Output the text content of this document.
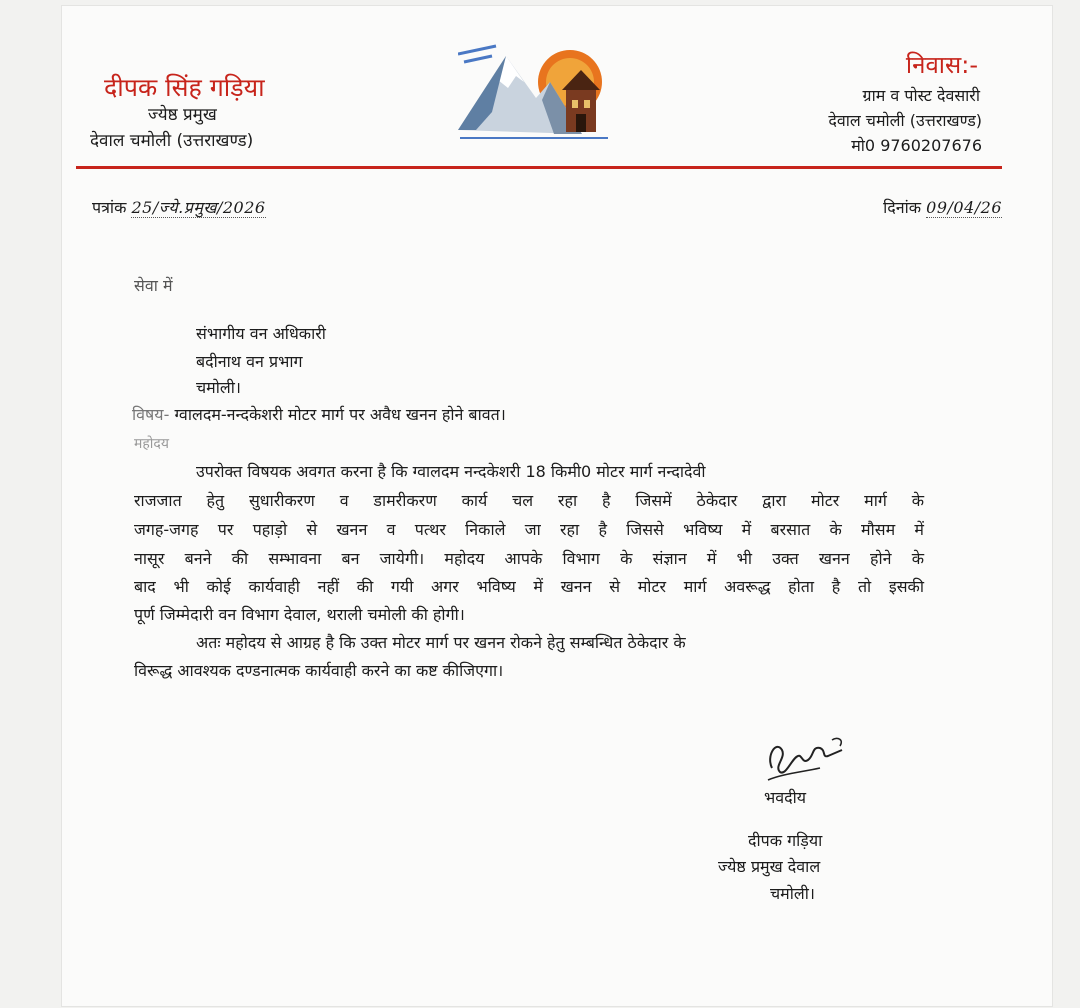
दीपक सिंह गड़िया
ज्येष्ठ प्रमुख
देवाल चमोली (उत्तराखण्ड)
निवास:-
ग्राम व पोस्ट देवसारी
देवाल चमोली (उत्तराखण्ड)
मो0 9760207676
पत्रांक 25/ज्ये.प्रमुख/2026	दिनांक 09/04/26
सेवा में
संभागीय वन अधिकारी
बदीनाथ वन प्रभाग
चमोली।
विषय- ग्वालदम-नन्दकेशरी मोटर मार्ग पर अवैध खनन होने बावत।
महोदय
उपरोक्त विषयक अवगत करना है कि ग्वालदम नन्दकेशरी 18 किमी0 मोटर मार्ग नन्दादेवी
राजजात हेतु सुधारीकरण व डामरीकरण कार्य चल रहा है जिसमें ठेकेदार द्वारा मोटर मार्ग के
जगह-जगह पर पहाड़ो से खनन व पत्थर निकाले जा रहा है जिससे भविष्य में बरसात के मौसम में
नासूर बनने की सम्भावना बन जायेगी। महोदय आपके विभाग के संज्ञान में भी उक्त खनन होने के
बाद भी कोई कार्यवाही नहीं की गयी अगर भविष्य में खनन से मोटर मार्ग अवरूद्ध होता है तो इसकी
पूर्ण जिम्मेदारी वन विभाग देवाल, थराली चमोली की होगी।
अतः महोदय से आग्रह है कि उक्त मोटर मार्ग पर खनन रोकने हेतु सम्बन्धित ठेकेदार के
विरूद्ध आवश्यक दण्डनात्मक कार्यवाही करने का कष्ट कीजिएगा।
भवदीय
दीपक गड़िया
ज्येष्ठ प्रमुख देवाल
चमोली।
